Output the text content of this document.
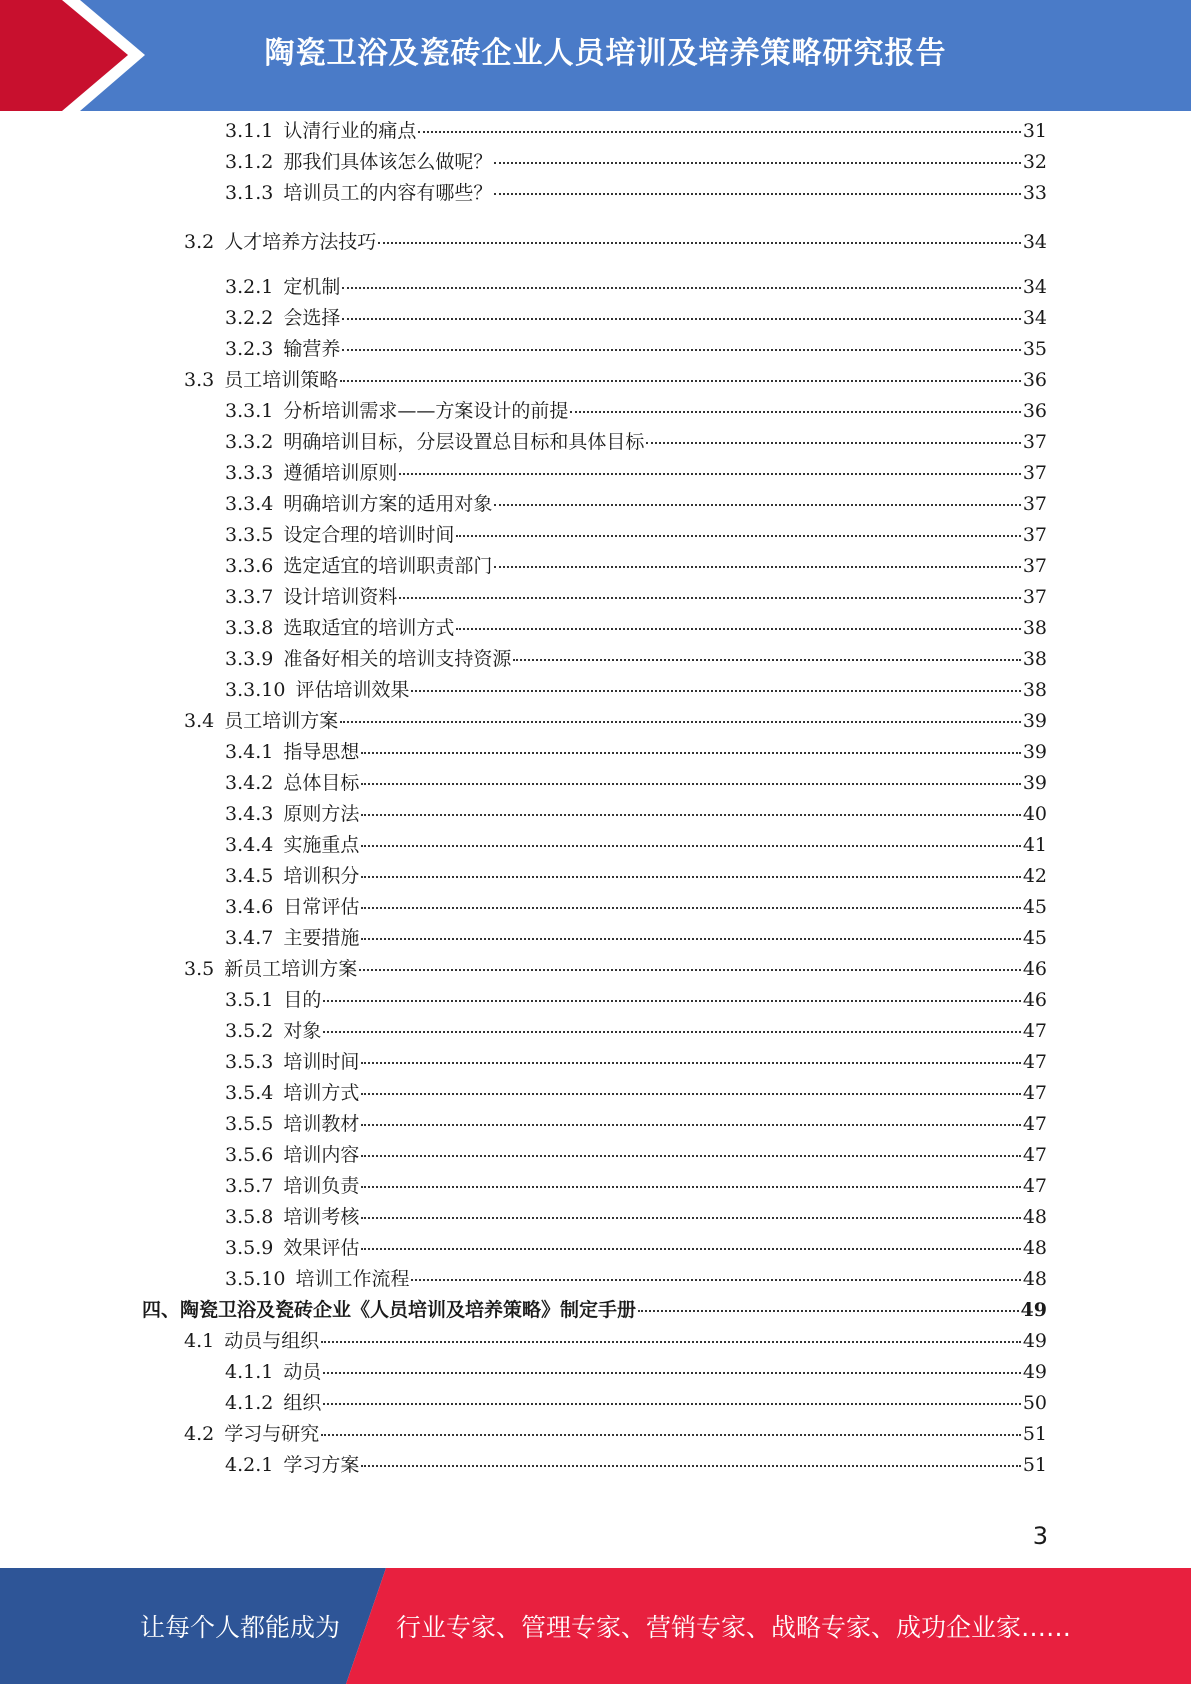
陶瓷卫浴及瓷砖企业人员培训及培养策略研究报告
3.1.1 认清行业的痛点	31
3.1.2 那我们具体该怎么做呢？	32
3.1.3 培训员工的内容有哪些？	33
3.2 人才培养方法技巧	34
3.2.1 定机制	34
3.2.2 会选择	34
3.2.3 输营养	35
3.3 员工培训策略	36
3.3.1 分析培训需求——方案设计的前提	36
3.3.2 明确培训目标，分层设置总目标和具体目标	37
3.3.3 遵循培训原则	37
3.3.4 明确培训方案的适用对象	37
3.3.5 设定合理的培训时间	37
3.3.6 选定适宜的培训职责部门	37
3.3.7 设计培训资料	37
3.3.8 选取适宜的培训方式	38
3.3.9 准备好相关的培训支持资源	38
3.3.10 评估培训效果	38
3.4 员工培训方案	39
3.4.1 指导思想	39
3.4.2 总体目标	39
3.4.3 原则方法	40
3.4.4 实施重点	41
3.4.5 培训积分	42
3.4.6 日常评估	45
3.4.7 主要措施	45
3.5 新员工培训方案	46
3.5.1 目的	46
3.5.2 对象	47
3.5.3 培训时间	47
3.5.4 培训方式	47
3.5.5 培训教材	47
3.5.6 培训内容	47
3.5.7 培训负责	47
3.5.8 培训考核	48
3.5.9 效果评估	48
3.5.10 培训工作流程	48
四、陶瓷卫浴及瓷砖企业《人员培训及培养策略》制定手册	49
4.1 动员与组织	49
4.1.1 动员	49
4.1.2 组织	50
4.2 学习与研究	51
4.2.1 学习方案	51
3
让每个人都能成为 行业专家、管理专家、营销专家、战略专家、成功企业家……
